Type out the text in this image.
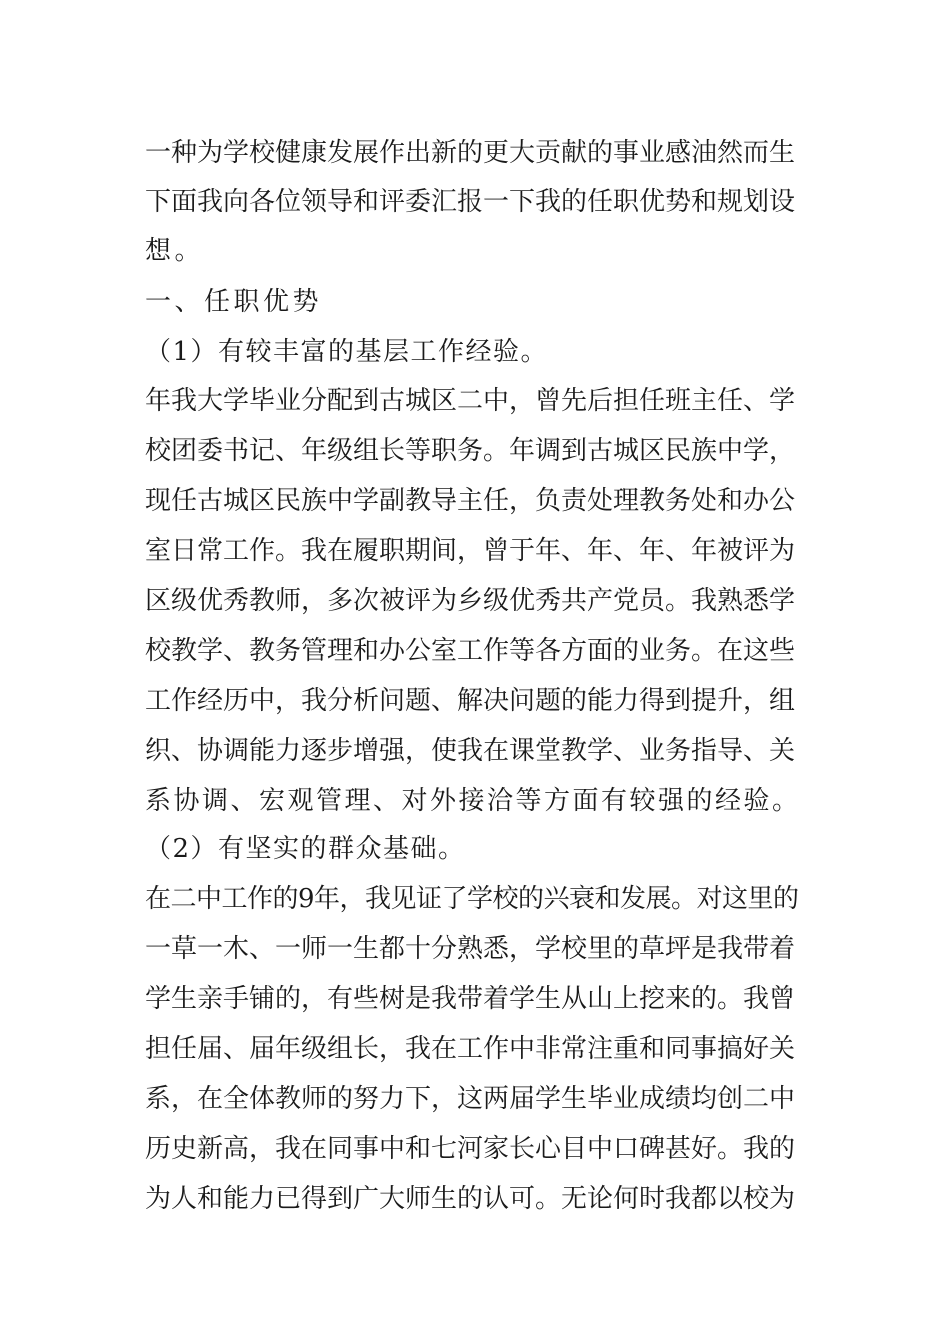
一种为学校健康发展作出新的更大贡献的事业感油然而生
下面我向各位领导和评委汇报一下我的任职优势和规划设
想。
一、任职优势
（1）有较丰富的基层工作经验。
年我大学毕业分配到古城区二中，曾先后担任班主任、学
校团委书记、年级组长等职务。年调到古城区民族中学，
现任古城区民族中学副教导主任，负责处理教务处和办公
室日常工作。我在履职期间，曾于年、年、年、年被评为
区级优秀教师，多次被评为乡级优秀共产党员。我熟悉学
校教学、教务管理和办公室工作等各方面的业务。在这些
工作经历中，我分析问题、解决问题的能力得到提升，组
织、协调能力逐步增强，使我在课堂教学、业务指导、关
系协调、宏观管理、对外接洽等方面有较强的经验。
（2）有坚实的群众基础。
在二中工作的9年，我见证了学校的兴衰和发展。对这里的
一草一木、一师一生都十分熟悉，学校里的草坪是我带着
学生亲手铺的，有些树是我带着学生从山上挖来的。我曾
担任届、届年级组长，我在工作中非常注重和同事搞好关
系，在全体教师的努力下，这两届学生毕业成绩均创二中
历史新高，我在同事中和七河家长心目中口碑甚好。我的
为人和能力已得到广大师生的认可。无论何时我都以校为
